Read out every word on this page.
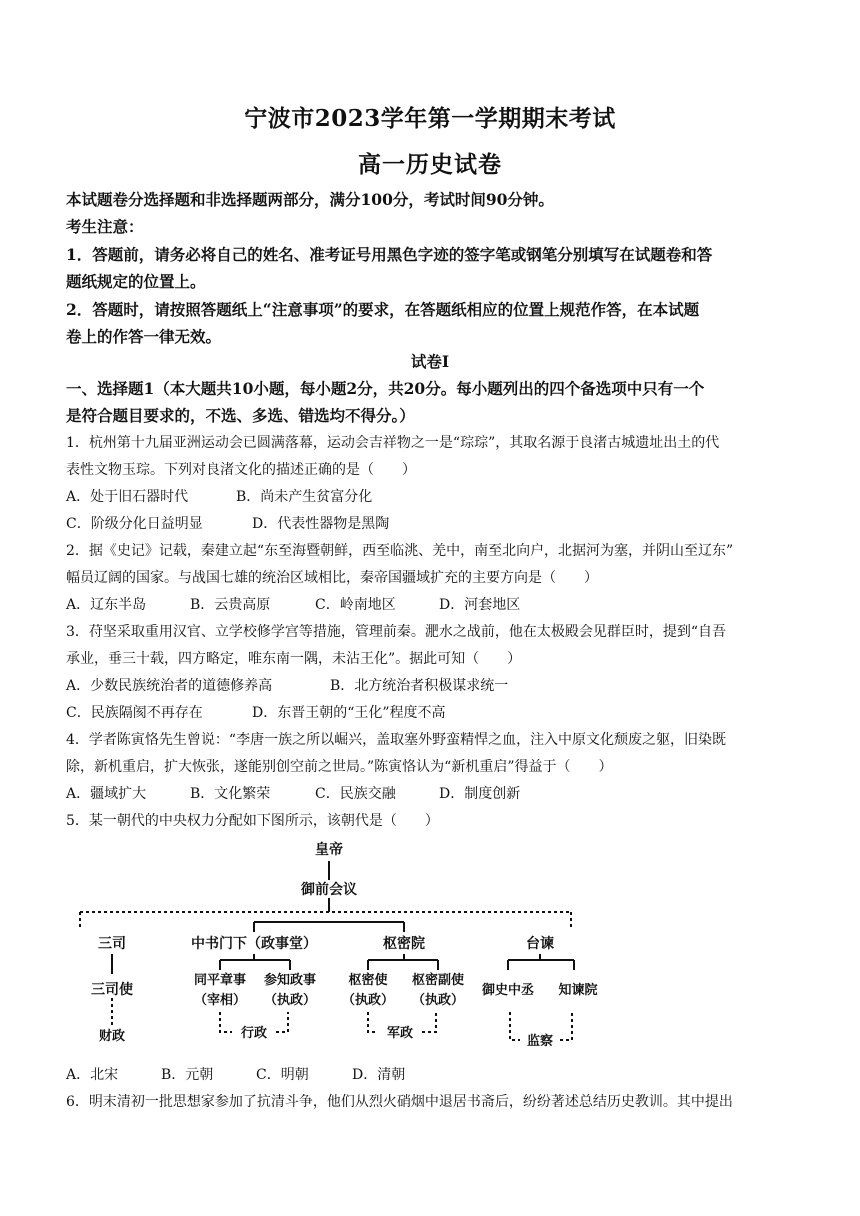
宁波市2023学年第一学期期末考试
高一历史试卷
本试题卷分选择题和非选择题两部分，满分100分，考试时间90分钟。
考生注意：
1．答题前，请务必将自己的姓名、准考证号用黑色字迹的签字笔或钢笔分别填写在试题卷和答
题纸规定的位置上。
2．答题时，请按照答题纸上“注意事项”的要求，在答题纸相应的位置上规范作答，在本试题
卷上的作答一律无效。
试卷Ⅰ
一、选择题1（本大题共10小题，每小题2分，共20分。每小题列出的四个备选项中只有一个
是符合题目要求的，不选、多选、错选均不得分。）
1．杭州第十九届亚洲运动会已圆满落幕，运动会吉祥物之一是“琮琮”，其取名源于良渚古城遗址出土的代
表性文物玉琮。下列对良渚文化的描述正确的是（　　）
A．处于旧石器时代	B．尚未产生贫富分化
C．阶级分化日益明显	D．代表性器物是黑陶
2．据《史记》记载，秦建立起“东至海暨朝鲜，西至临洮、羌中，南至北向户，北据河为塞，并阴山至辽东”
幅员辽阔的国家。与战国七雄的统治区域相比，秦帝国疆域扩充的主要方向是（　　）
A．辽东半岛	B．云贵高原	C．岭南地区	D．河套地区
3．苻坚采取重用汉官、立学校修学宫等措施，管理前秦。淝水之战前，他在太极殿会见群臣时，提到“自吾
承业，垂三十载，四方略定，唯东南一隅，未沾王化”。据此可知（　　）
A．少数民族统治者的道德修养高	B．北方统治者积极谋求统一
C．民族隔阂不再存在	D．东晋王朝的“王化”程度不高
4．学者陈寅恪先生曾说：“李唐一族之所以崛兴，盖取塞外野蛮精悍之血，注入中原文化颓废之躯，旧染既
除，新机重启，扩大恢张，遂能别创空前之世局。”陈寅恪认为“新机重启”得益于（　　）
A．疆域扩大	B．文化繁荣	C．民族交融	D．制度创新
5．某一朝代的中央权力分配如下图所示，该朝代是（　　）
皇帝
御前会议
三司	中书门下（政事堂）	枢密院	台谏
三司使
同平章事
（宰相）
参知政事
（执政）
枢密使
（执政）
枢密副使
（执政）
御史中丞 知谏院
财政	行政	军政
监察
A．北宋	B．元朝	C．明朝	D．清朝
6．明末清初一批思想家参加了抗清斗争，他们从烈火硝烟中退居书斋后，纷纷著述总结历史教训。其中提出
